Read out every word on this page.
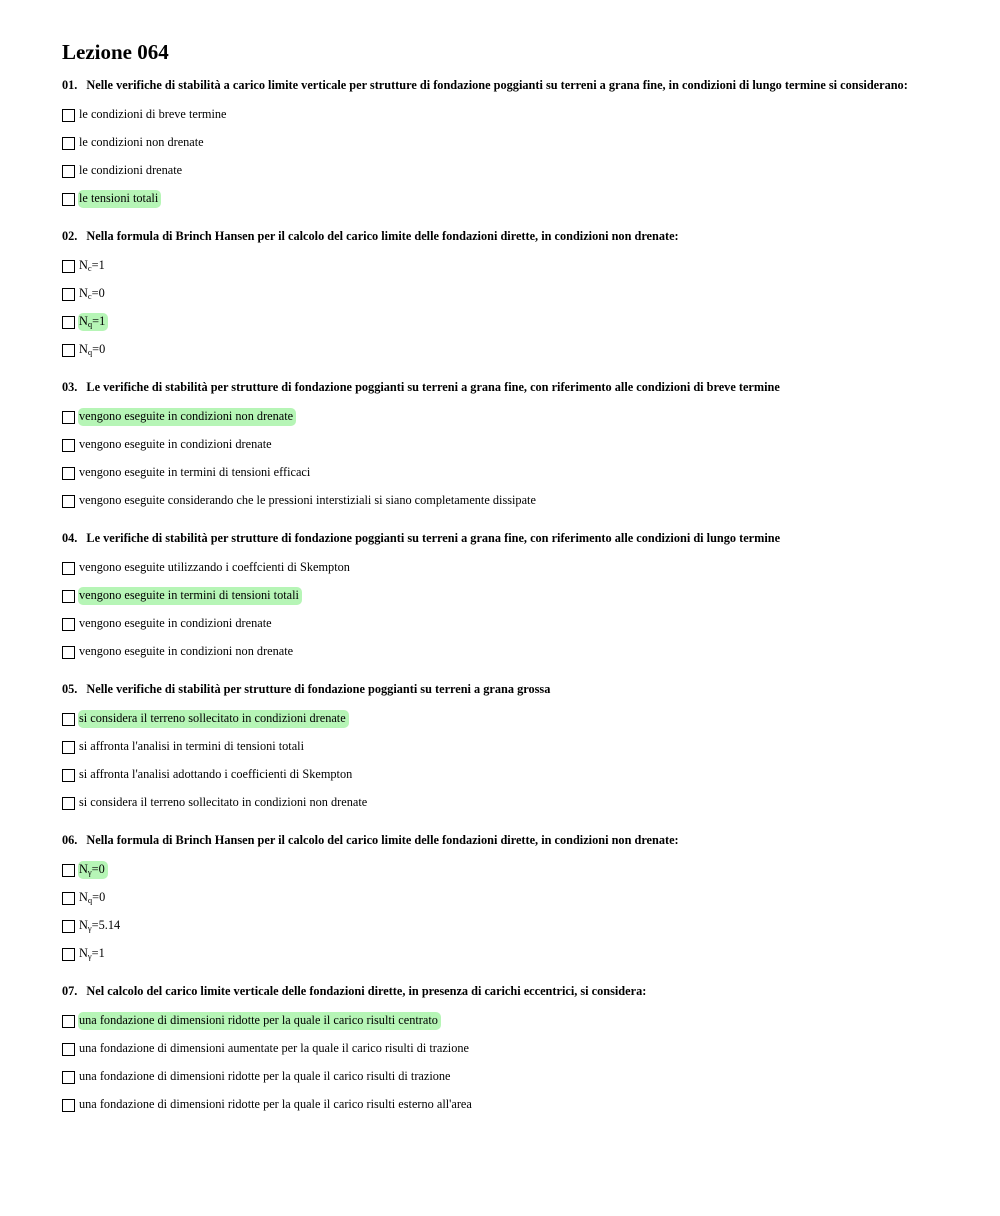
Lezione 064
01. Nelle verifiche di stabilità a carico limite verticale per strutture di fondazione poggianti su terreni a grana fine, in condizioni di lungo termine si considerano:
le condizioni di breve termine
le condizioni non drenate
le condizioni drenate
le tensioni totali
02. Nella formula di Brinch Hansen per il calcolo del carico limite delle fondazioni dirette, in condizioni non drenate:
$N_c=1$
$N_c=0$
$N_q=1$
$N_q=0$
03. Le verifiche di stabilità per strutture di fondazione poggianti su terreni a grana fine, con riferimento alle condizioni di breve termine
vengono eseguite in condizioni non drenate
vengono eseguite in condizioni drenate
vengono eseguite in termini di tensioni efficaci
vengono eseguite considerando che le pressioni interstiziali si siano completamente dissipate
04. Le verifiche di stabilità per strutture di fondazione poggianti su terreni a grana fine, con riferimento alle condizioni di lungo termine
vengono eseguite utilizzando i coeffcienti di Skempton
vengono eseguite in termini di tensioni totali
vengono eseguite in condizioni drenate
vengono eseguite in condizioni non drenate
05. Nelle verifiche di stabilità per strutture di fondazione poggianti su terreni a grana grossa
si considera il terreno sollecitato in condizioni drenate
si affronta l'analisi in termini di tensioni totali
si affronta l'analisi adottando i coefficienti di Skempton
si considera il terreno sollecitato in condizioni non drenate
06. Nella formula di Brinch Hansen per il calcolo del carico limite delle fondazioni dirette, in condizioni non drenate:
$N_\gamma=0$
$N_q=0$
$N_\gamma=5.14$
$N_\gamma=1$
07. Nel calcolo del carico limite verticale delle fondazioni dirette, in presenza di carichi eccentrici, si considera:
una fondazione di dimensioni ridotte per la quale il carico risulti centrato
una fondazione di dimensioni aumentate per la quale il carico risulti di trazione
una fondazione di dimensioni ridotte per la quale il carico risulti di trazione
una fondazione di dimensioni ridotte per la quale il carico risulti esterno all'area
